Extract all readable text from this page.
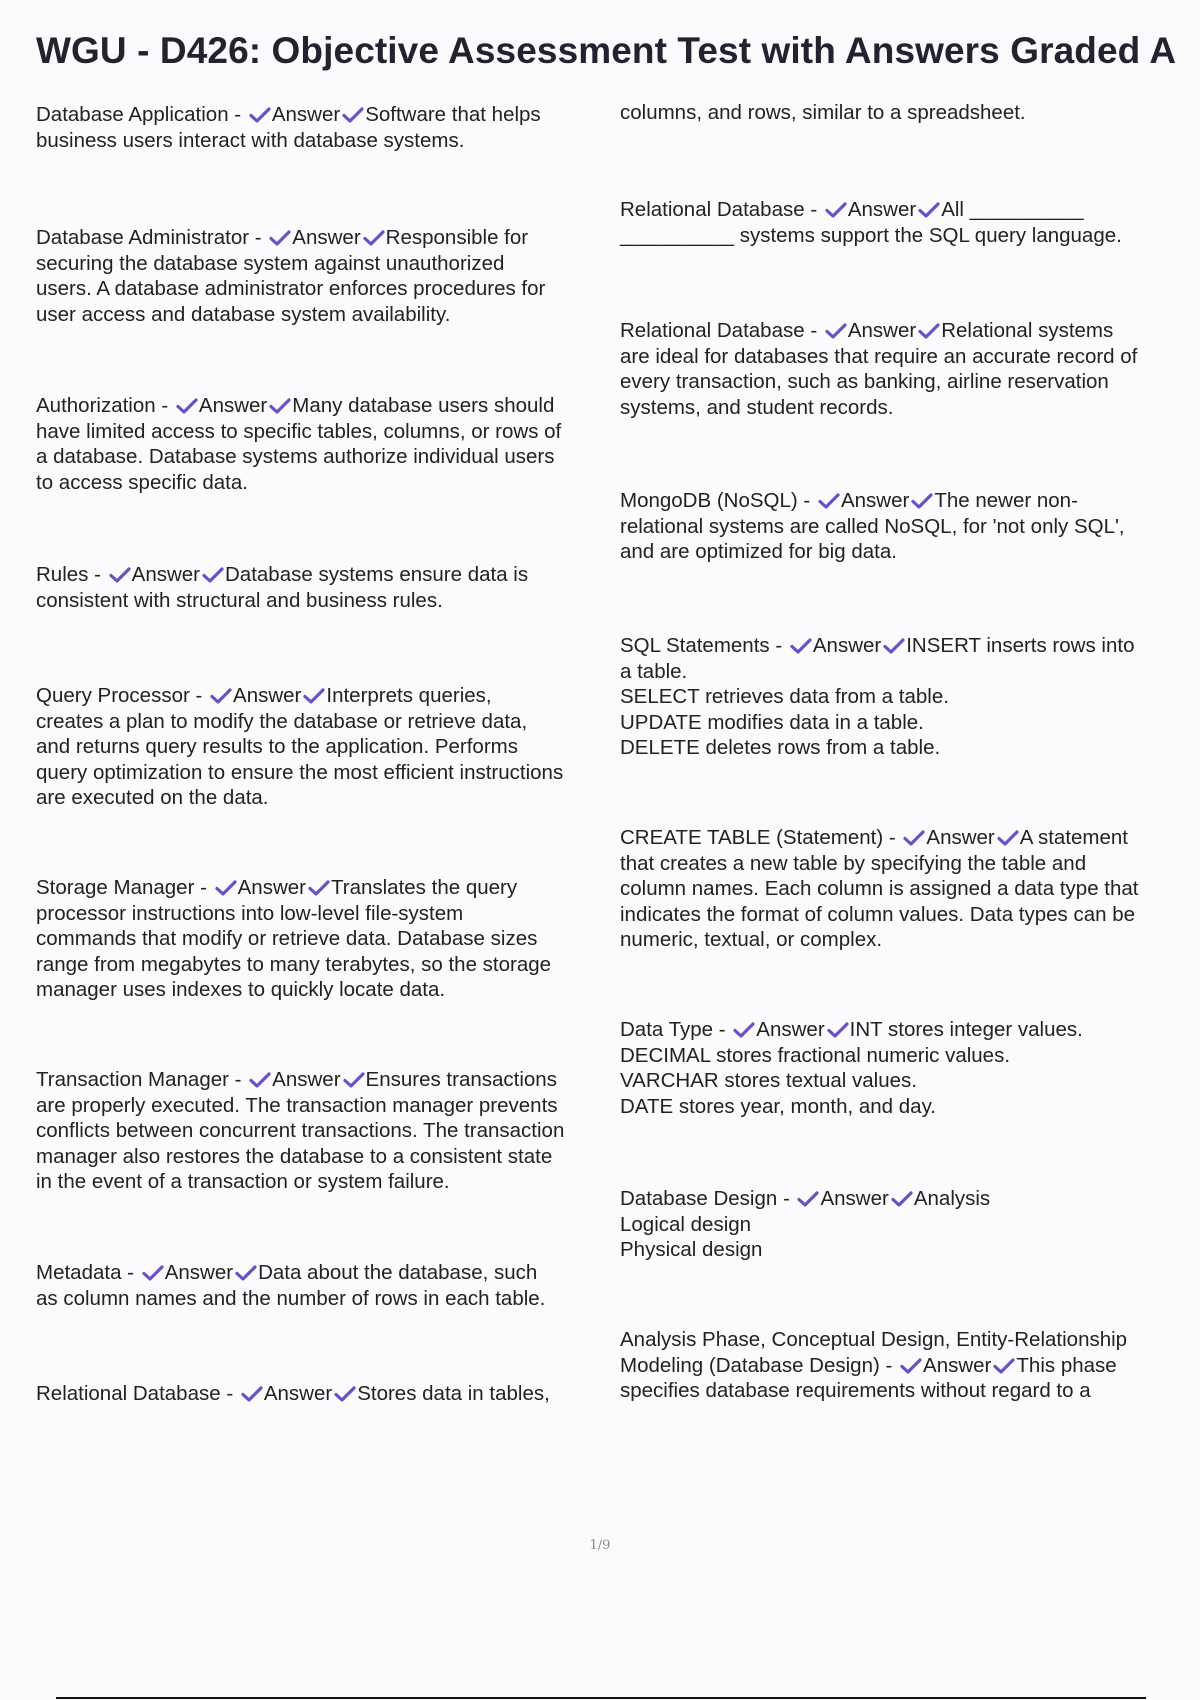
WGU - D426: Objective Assessment Test with Answers Graded A
Database Application -
Answer Software that helps
business users interact with database systems.
Database Administrator -
Answer Responsible for
securing the database system against unauthorized
users. A database administrator enforces procedures for
user access and database system availability.
Authorization -
Answer Many database users should
have limited access to specific tables, columns, or rows of
a database. Database systems authorize individual users
to access specific data.
Rules -
Answer Database systems ensure data is
consistent with structural and business rules.
Query Processor -
Answer Interprets queries,
creates a plan to modify the database or retrieve data,
and returns query results to the application. Performs
query optimization to ensure the most efficient instructions
are executed on the data.
Storage Manager -
Answer Translates the query
processor instructions into low-level file-system
commands that modify or retrieve data. Database sizes
range from megabytes to many terabytes, so the storage
manager uses indexes to quickly locate data.
Transaction Manager -
Answer Ensures transactions
are properly executed. The transaction manager prevents
conflicts between concurrent transactions. The transaction
manager also restores the database to a consistent state
in the event of a transaction or system failure.
Metadata -
Answer Data about the database, such
as column names and the number of rows in each table.
Relational Database -
Answer Stores data in tables,
columns, and rows, similar to a spreadsheet.
Relational Database -
Answer All __________
__________ systems support the SQL query language.
Relational Database -
Answer Relational systems
are ideal for databases that require an accurate record of
every transaction, such as banking, airline reservation
systems, and student records.
MongoDB (NoSQL) -
Answer The newer non-
relational systems are called NoSQL, for 'not only SQL',
and are optimized for big data.
SQL Statements -
Answer INSERT inserts rows into
a table.
SELECT retrieves data from a table.
UPDATE modifies data in a table.
DELETE deletes rows from a table.
CREATE TABLE (Statement) -
Answer A statement
that creates a new table by specifying the table and
column names. Each column is assigned a data type that
indicates the format of column values. Data types can be
numeric, textual, or complex.
Data Type -
Answer INT stores integer values.
DECIMAL stores fractional numeric values.
VARCHAR stores textual values.
DATE stores year, month, and day.
Database Design -
Answer Analysis
Logical design
Physical design
Analysis Phase, Conceptual Design, Entity-Relationship
Modeling (Database Design) -
Answer This phase
specifies database requirements without regard to a
1/9
